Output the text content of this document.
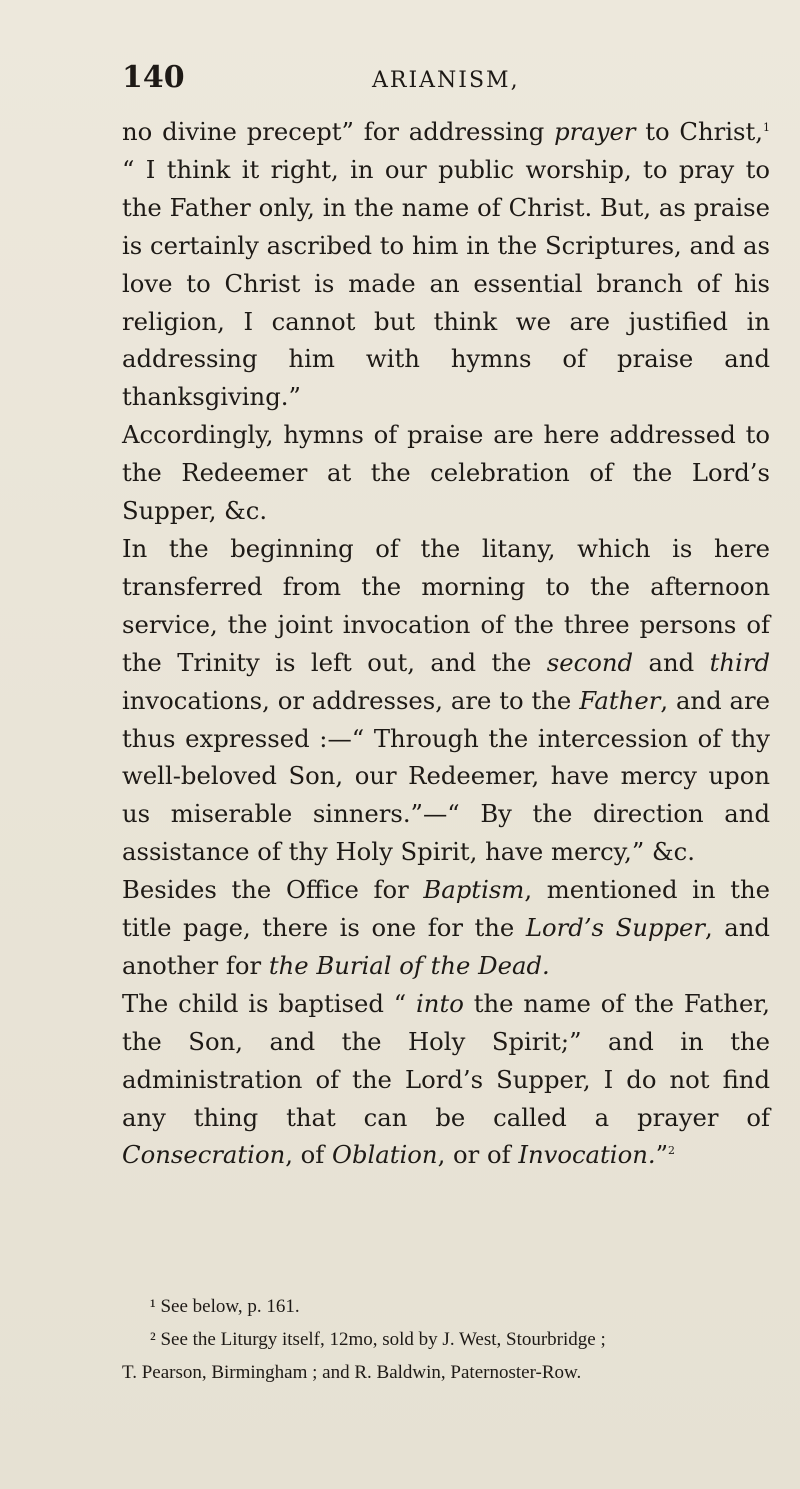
140	ARIANISM,

no divine precept” for addressing prayer to Christ,$^1$ “ I think it right, in our public worship, to pray to the Father only, in the name of Christ. But, as praise is certainly ascribed to him in the Scriptures, and as love to Christ is made an essential branch of his religion, I cannot but think we are justified in addressing him with hymns of praise and thanksgiving.”

Accordingly, hymns of praise are here addressed to the Redeemer at the celebration of the Lord’s Supper, &c.

In the beginning of the litany, which is here transferred from the morning to the afternoon service, the joint invocation of the three persons of the Trinity is left out, and the second and third invocations, or addresses, are to the Father, and are thus expressed :—“ Through the intercession of thy well-beloved Son, our Redeemer, have mercy upon us miserable sinners.”—“ By the direction and assistance of thy Holy Spirit, have mercy,” &c.

Besides the Office for Baptism, mentioned in the title page, there is one for the Lord’s Supper, and another for the Burial of the Dead.

The child is baptised “ into the name of the Father, the Son, and the Holy Spirit;” and in the administration of the Lord’s Supper, I do not find any thing that can be called a prayer of Consecration, of Oblation, or of Invocation.”$^2$

¹ See below, p. 161.

² See the Liturgy itself, 12mo, sold by J. West, Stourbridge ;

T. Pearson, Birmingham ; and R. Baldwin, Paternoster-Row.
